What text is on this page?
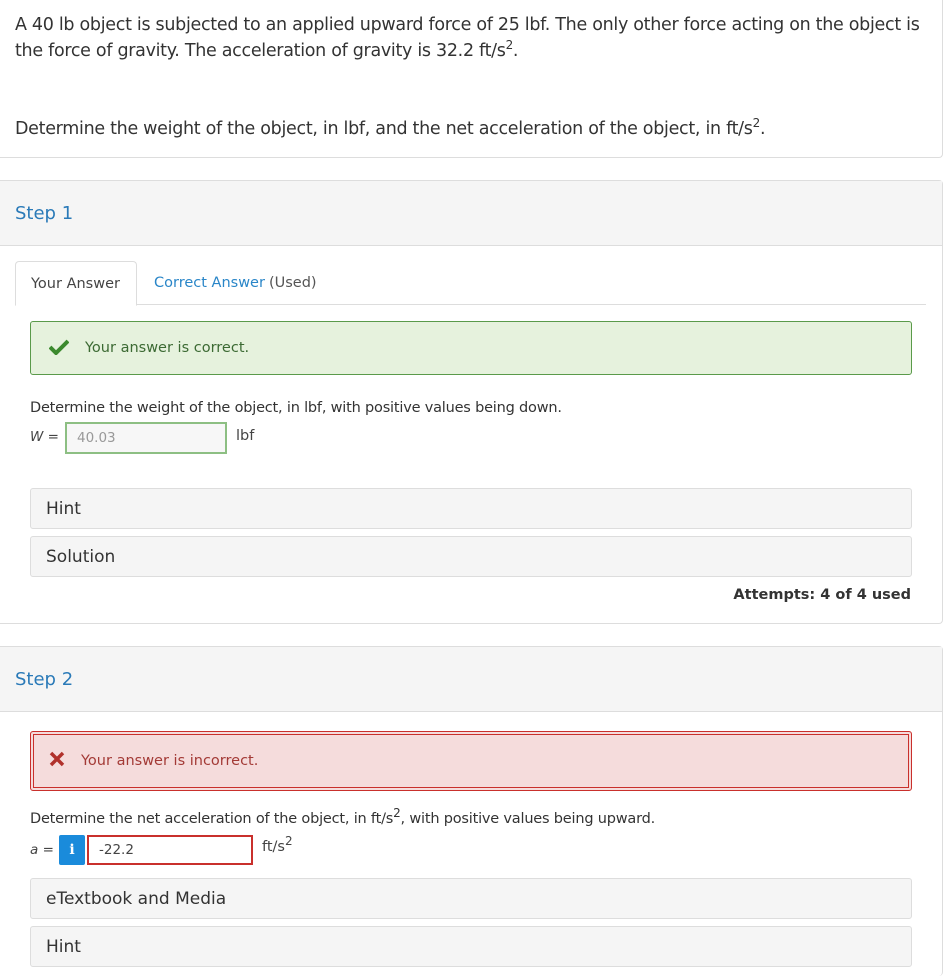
A 40 lb object is subjected to an applied upward force of 25 lbf. The only other force acting on the object is the force of gravity. The acceleration of gravity is 32.2 $ft/s^2$.

Determine the weight of the object, in lbf, and the net acceleration of the object, in $ft/s^2$.

Step 1
Your Answer Correct Answer (Used)
Your answer is correct.
Determine the weight of the object, in lbf, with positive values being down.
W =	40.03	lbf
Hint
Solution
Attempts: 4 of 4 used
Step 2
Your answer is incorrect.
Determine the net acceleration of the object, in $ft/s^2$, with positive values being upward.
a =	i	-22.2	$ft/s^2$
eTextbook and Media
Hint
